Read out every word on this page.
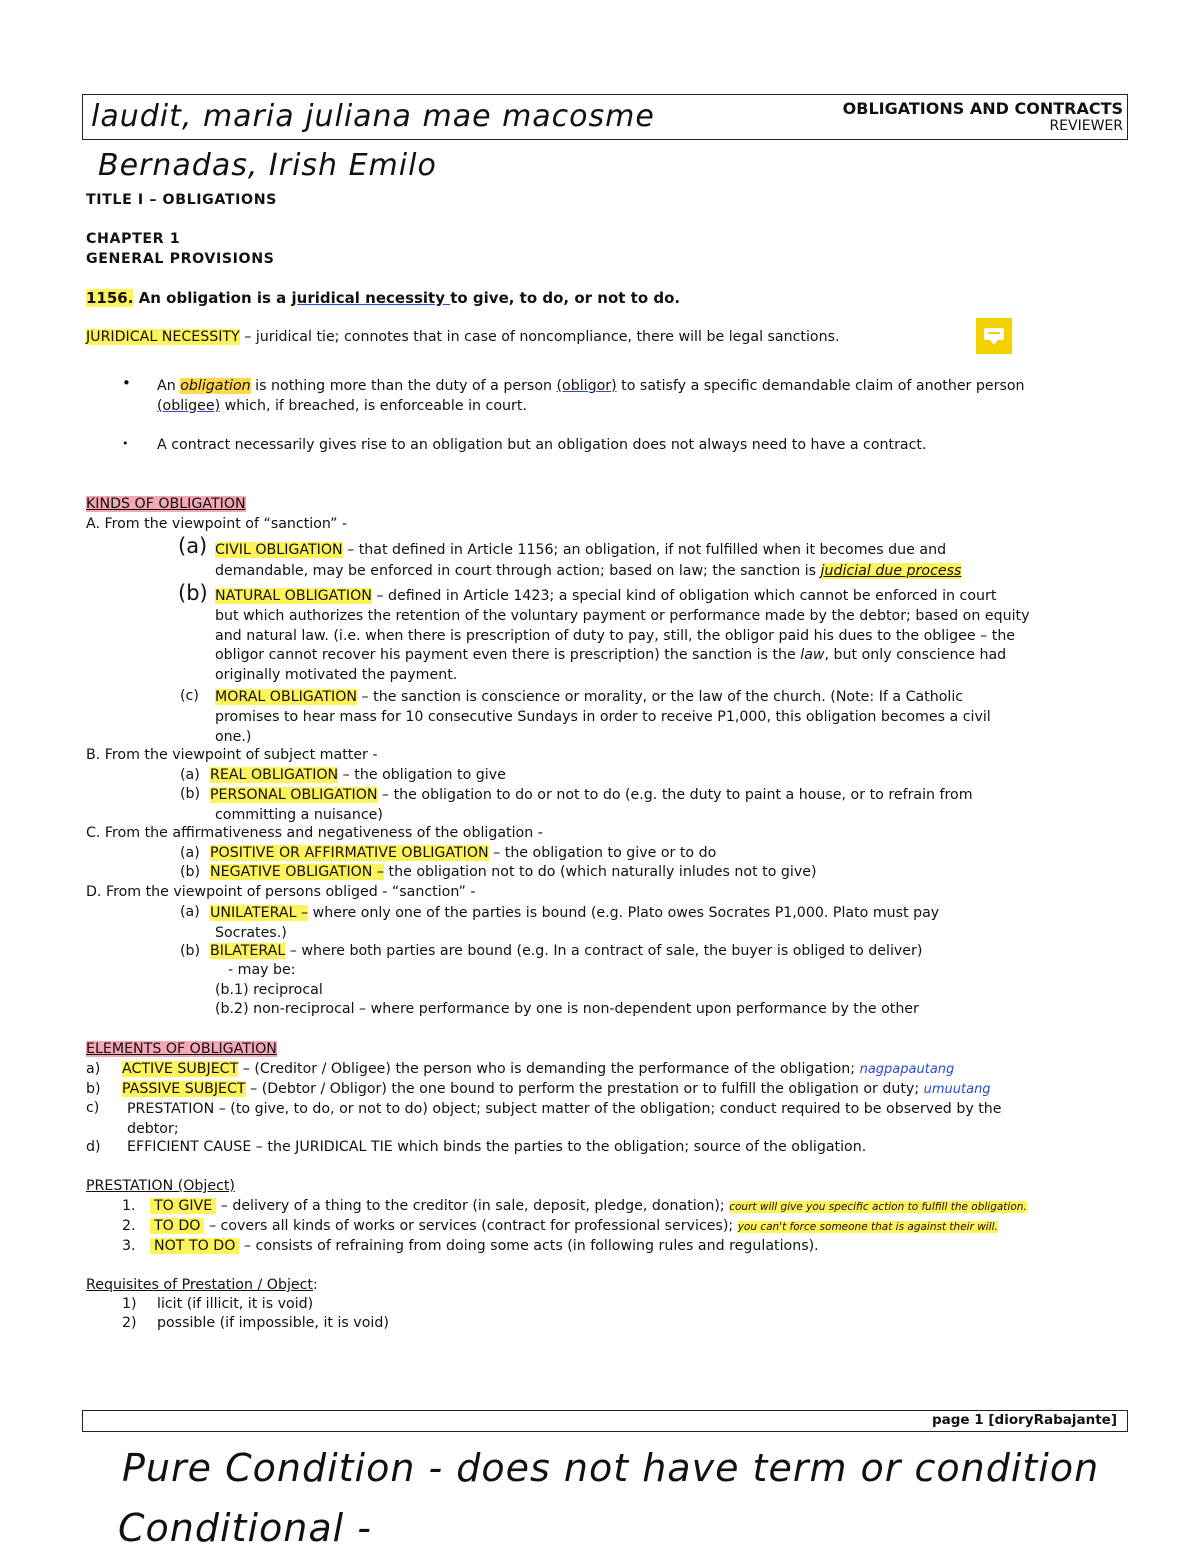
laudit, maria juliana mae macosme	OBLIGATIONS AND CONTRACTS
REVIEWER
Bernadas, Irish Emilo
TITLE I – OBLIGATIONS
CHAPTER 1
GENERAL PROVISIONS
1156. An obligation is a juridical necessity to give, to do, or not to do.
JURIDICAL NECESSITY – juridical tie; connotes that in case of noncompliance, there will be legal sanctions.
• An obligation is nothing more than the duty of a person (obligor) to satisfy a specific demandable claim of another person
(obligee) which, if breached, is enforceable in court.
• A contract necessarily gives rise to an obligation but an obligation does not always need to have a contract.
KINDS OF OBLIGATION
A. From the viewpoint of “sanction” -
(a) CIVIL OBLIGATION – that defined in Article 1156; an obligation, if not fulfilled when it becomes due and
demandable, may be enforced in court through action; based on law; the sanction is judicial due process
(b) NATURAL OBLIGATION – defined in Article 1423; a special kind of obligation which cannot be enforced in court
but which authorizes the retention of the voluntary payment or performance made by the debtor; based on equity
and natural law. (i.e. when there is prescription of duty to pay, still, the obligor paid his dues to the obligee – the
obligor cannot recover his payment even there is prescription) the sanction is the law, but only conscience had
originally motivated the payment.
(c) MORAL OBLIGATION – the sanction is conscience or morality, or the law of the church. (Note: If a Catholic
promises to hear mass for 10 consecutive Sundays in order to receive P1,000, this obligation becomes a civil
one.)
B. From the viewpoint of subject matter -
(a) REAL OBLIGATION – the obligation to give
(b) PERSONAL OBLIGATION – the obligation to do or not to do (e.g. the duty to paint a house, or to refrain from
committing a nuisance)
C. From the affirmativeness and negativeness of the obligation -
(a) POSITIVE OR AFFIRMATIVE OBLIGATION – the obligation to give or to do
(b) NEGATIVE OBLIGATION – the obligation not to do (which naturally inludes not to give)
D. From the viewpoint of persons obliged - “sanction” -
(a) UNILATERAL – where only one of the parties is bound (e.g. Plato owes Socrates P1,000. Plato must pay
Socrates.)
(b) BILATERAL – where both parties are bound (e.g. In a contract of sale, the buyer is obliged to deliver)
- may be:
(b.1) reciprocal
(b.2) non-reciprocal – where performance by one is non-dependent upon performance by the other
ELEMENTS OF OBLIGATION
a) ACTIVE SUBJECT – (Creditor / Obligee) the person who is demanding the performance of the obligation; nagpapautang
b) PASSIVE SUBJECT – (Debtor / Obligor) the one bound to perform the prestation or to fulfill the obligation or duty; umuutang
c) PRESTATION – (to give, to do, or not to do) object; subject matter of the obligation; conduct required to be observed by the
debtor;
d) EFFICIENT CAUSE – the JURIDICAL TIE which binds the parties to the obligation; source of the obligation.
PRESTATION (Object)
1. TO GIVE – delivery of a thing to the creditor (in sale, deposit, pledge, donation); court will give you specific action to fulfill the obligation.
2. TO DO – covers all kinds of works or services (contract for professional services); you can't force someone that is against their will.
3. NOT TO DO – consists of refraining from doing some acts (in following rules and regulations).
Requisites of Prestation / Object:
1) licit (if illicit, it is void)
2) possible (if impossible, it is void)
page 1 [dioryRabajante]
Pure Condition - does not have term or condition
Conditional -
